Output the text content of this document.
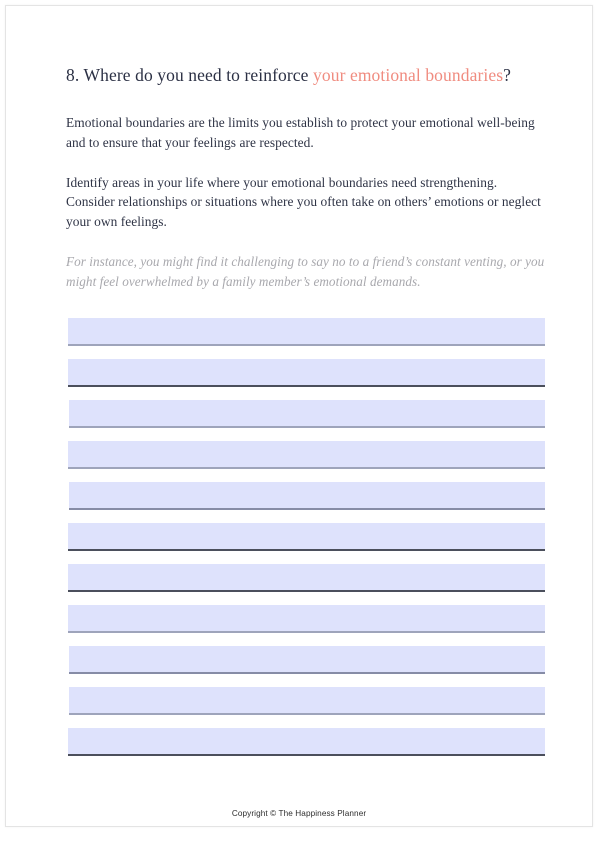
8. Where do you need to reinforce your emotional boundaries?

Emotional boundaries are the limits you establish to protect your emotional well-being and to ensure that your feelings are respected.

Identify areas in your life where your emotional boundaries need strengthening. Consider relationships or situations where you often take on others’ emotions or neglect your own feelings.

For instance, you might find it challenging to say no to a friend’s constant venting, or you might feel overwhelmed by a family member’s emotional demands.

Copyright © The Happiness Planner
